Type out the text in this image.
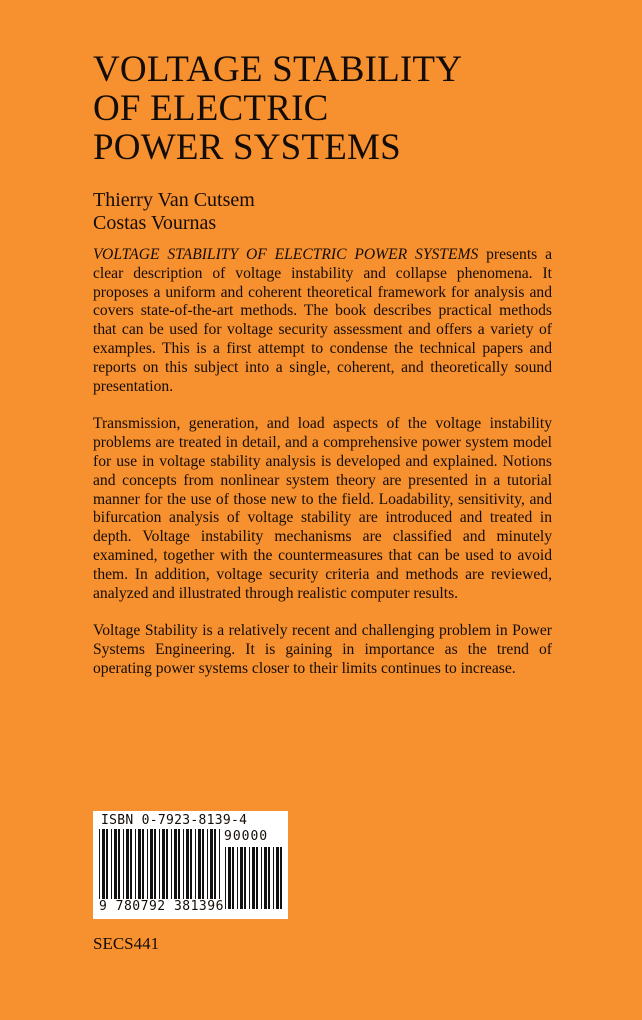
VOLTAGE STABILITY
OF ELECTRIC
POWER SYSTEMS
Thierry Van Cutsem
Costas Vournas

VOLTAGE STABILITY OF ELECTRIC POWER SYSTEMS presents a clear description of voltage instability and collapse phenomena. It proposes a uniform and coherent theoretical framework for analysis and covers state-of-the-art methods. The book describes practical methods that can be used for voltage security assessment and offers a variety of examples. This is a first attempt to condense the technical papers and reports on this subject into a single, coherent, and theoretically sound presentation.

Transmission, generation, and load aspects of the voltage instability problems are treated in detail, and a comprehensive power system model for use in voltage stability analysis is developed and explained. Notions and concepts from nonlinear system theory are presented in a tutorial manner for the use of those new to the field. Loadability, sensitivity, and bifurcation analysis of voltage stability are introduced and treated in depth. Voltage instability mechanisms are classified and minutely examined, together with the countermeasures that can be used to avoid them. In addition, voltage security criteria and methods are reviewed, analyzed and illustrated through realistic computer results.

Voltage Stability is a relatively recent and challenging problem in Power Systems Engineering. It is gaining in importance as the trend of operating power systems closer to their limits continues to increase.

ISBN 0-7923-8139-4
90000
9 780792 381396
SECS441
